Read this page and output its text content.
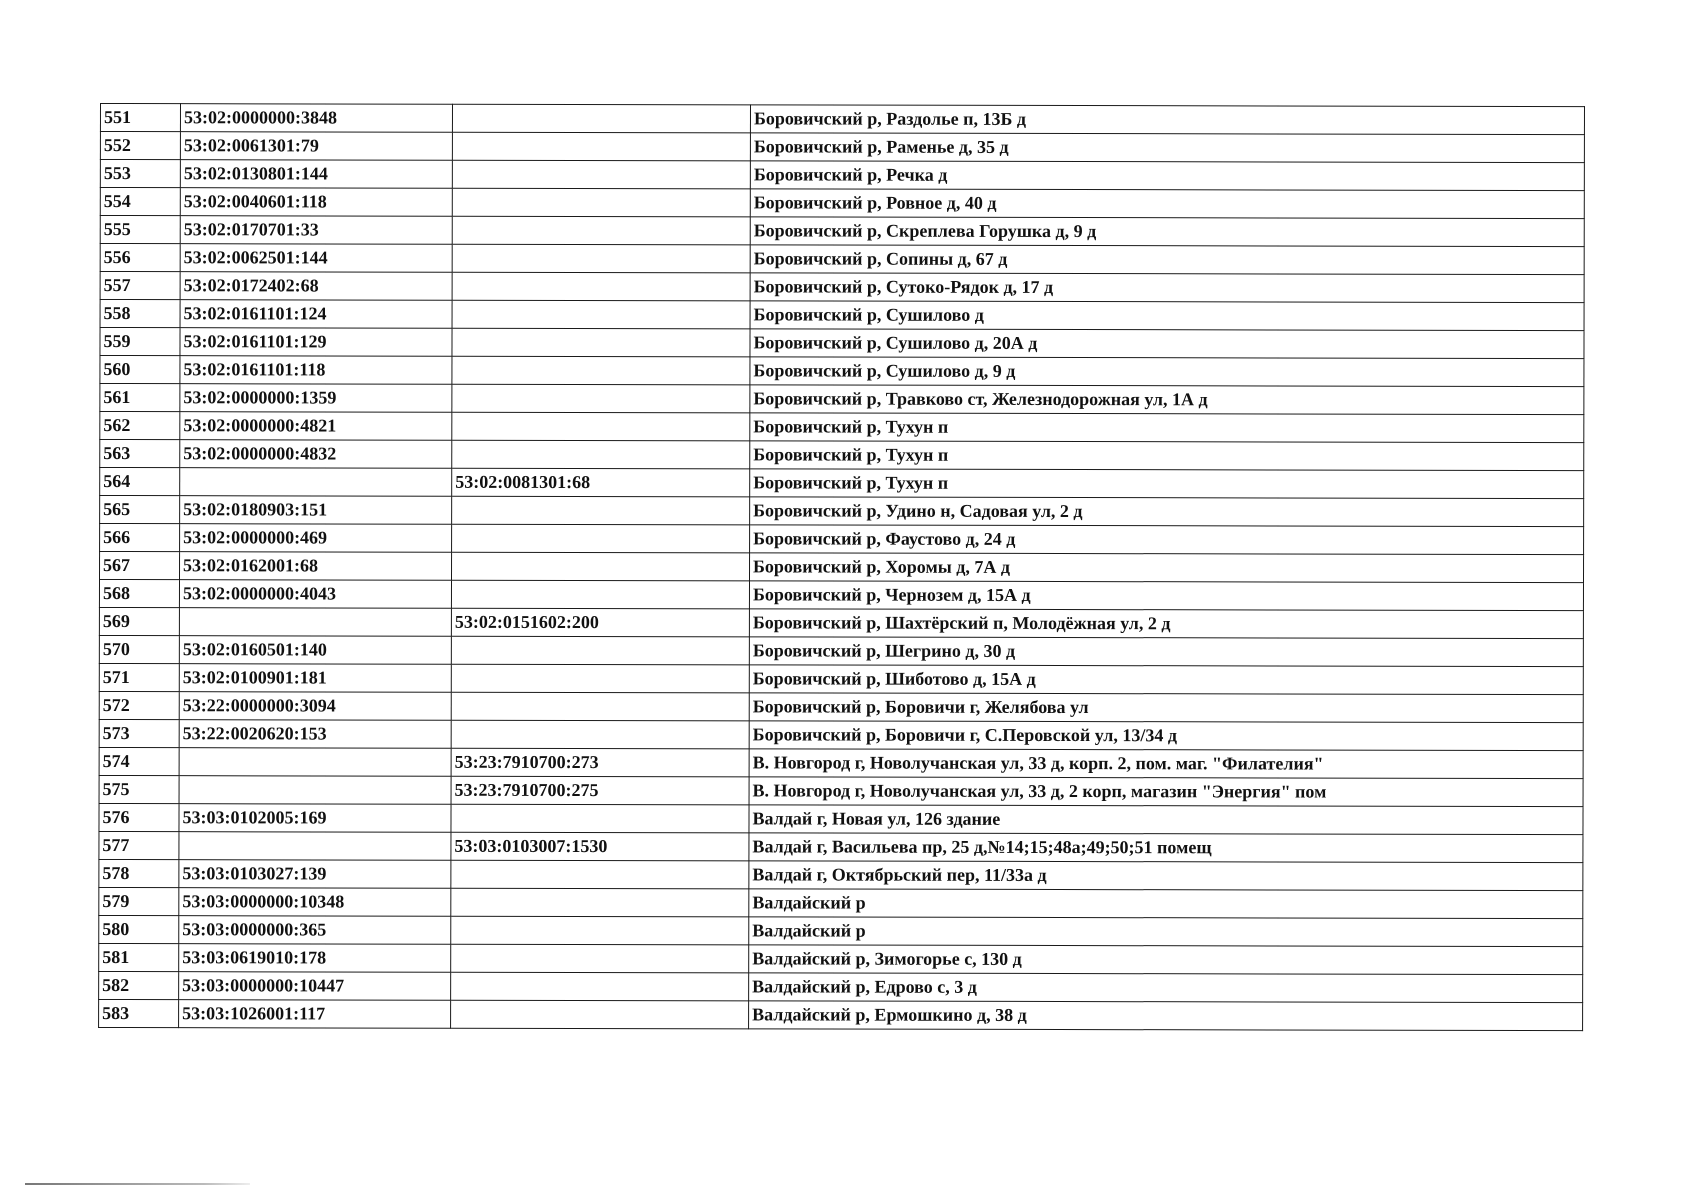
551	53:02:0000000:3848		Боровичский р, Раздолье п, 13Б д
552	53:02:0061301:79		Боровичский р, Раменье д, 35 д
553	53:02:0130801:144		Боровичский р, Речка д
554	53:02:0040601:118		Боровичский р, Ровное д, 40 д
555	53:02:0170701:33		Боровичский р, Скреплева Горушка д, 9 д
556	53:02:0062501:144		Боровичский р, Сопины д, 67 д
557	53:02:0172402:68		Боровичский р, Сутоко-Рядок д, 17 д
558	53:02:0161101:124		Боровичский р, Сушилово д
559	53:02:0161101:129		Боровичский р, Сушилово д, 20А д
560	53:02:0161101:118		Боровичский р, Сушилово д, 9 д
561	53:02:0000000:1359		Боровичский р, Травково ст, Железнодорожная ул, 1А д
562	53:02:0000000:4821		Боровичский р, Тухун п
563	53:02:0000000:4832		Боровичский р, Тухун п
564		53:02:0081301:68	Боровичский р, Тухун п
565	53:02:0180903:151		Боровичский р, Удино н, Садовая ул, 2 д
566	53:02:0000000:469		Боровичский р, Фаустово д, 24 д
567	53:02:0162001:68		Боровичский р, Хоромы д, 7А д
568	53:02:0000000:4043		Боровичский р, Чернозем д, 15А д
569		53:02:0151602:200	Боровичский р, Шахтёрский п, Молодёжная ул, 2 д
570	53:02:0160501:140		Боровичский р, Шегрино д, 30 д
571	53:02:0100901:181		Боровичский р, Шиботово д, 15А д
572	53:22:0000000:3094		Боровичский р, Боровичи г, Желябова ул
573	53:22:0020620:153		Боровичский р, Боровичи г, С.Перовской ул, 13/34 д
574		53:23:7910700:273	В. Новгород г, Новолучанская ул, 33 д, корп. 2, пом. маг. "Филателия"
575		53:23:7910700:275	В. Новгород г, Новолучанская ул, 33 д, 2 корп, магазин "Энергия" пом
576	53:03:0102005:169		Валдай г, Новая ул, 126 здание
577		53:03:0103007:1530	Валдай г, Васильева пр, 25 д,№14;15;48а;49;50;51 помещ
578	53:03:0103027:139		Валдай г, Октябрьский пер, 11/33а д
579	53:03:0000000:10348		Валдайский р
580	53:03:0000000:365		Валдайский р
581	53:03:0619010:178		Валдайский р, Зимогорье с, 130 д
582	53:03:0000000:10447		Валдайский р, Едрово с, 3 д
583	53:03:1026001:117		Валдайский р, Ермошкино д, 38 д
